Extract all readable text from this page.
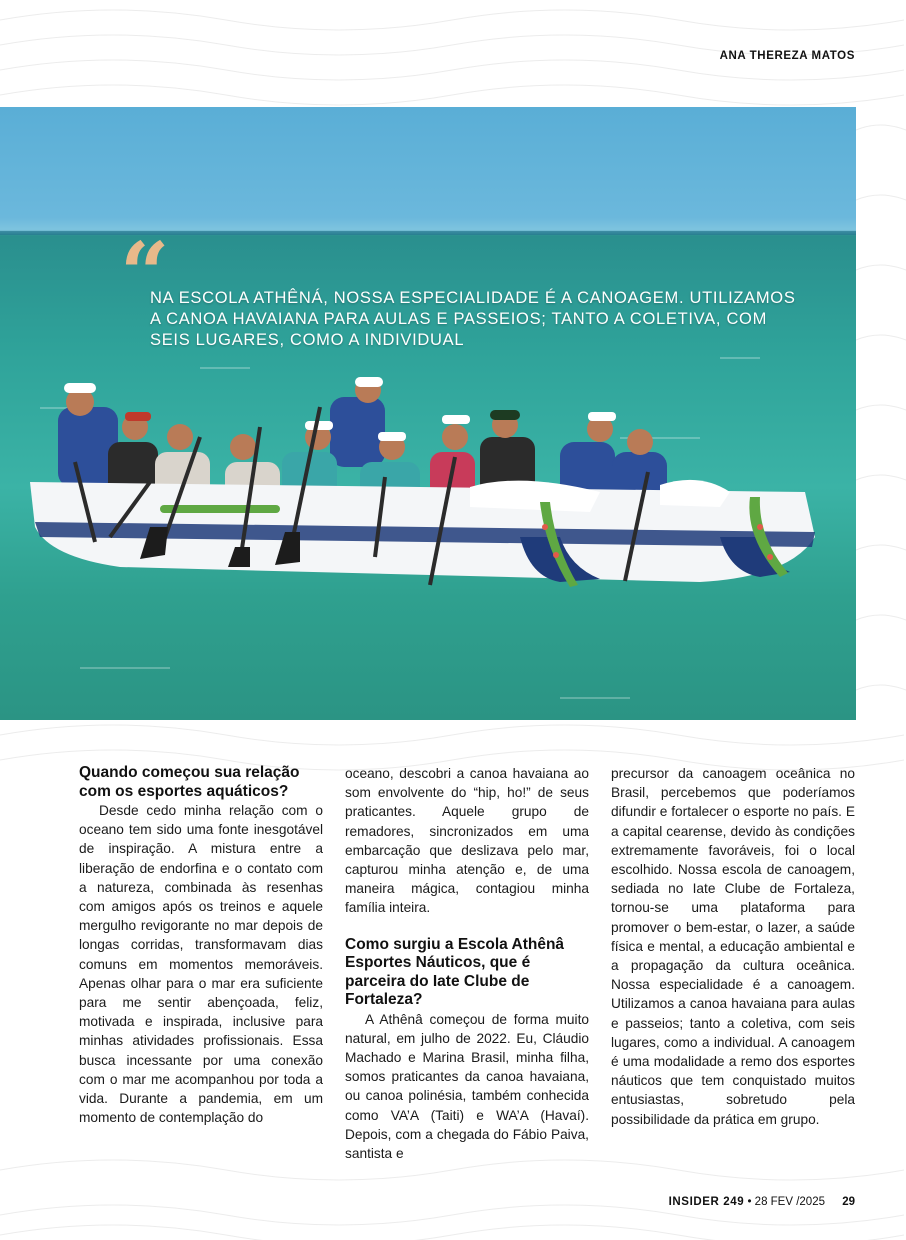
ANA THEREZA MATOS
“

NA ESCOLA ATHÊNÁ, NOSSA ESPECIALIDADE É A CANOAGEM. UTILIZAMOS A CANOA HAVAIANA PARA AULAS E PASSEIOS; TANTO A COLETIVA, COM SEIS LUGARES, COMO A INDIVIDUAL

Quando começou sua relação com os esportes aquáticos?

Desde cedo minha relação com o oceano tem sido uma fonte inesgotável de inspiração. A mistura entre a liberação de endorfina e o contato com a natureza, combinada às resenhas com amigos após os treinos e aquele mergulho revigorante no mar depois de longas corridas, transformavam dias comuns em momentos memoráveis. Apenas olhar para o mar era suficiente para me sentir abençoada, feliz, motivada e inspirada, inclusive para minhas atividades profissionais. Essa busca incessante por uma conexão com o mar me acompanhou por toda a vida. Durante a pandemia, em um momento de contemplação do

oceano, descobri a canoa havaiana ao som envolvente do “hip, ho!” de seus praticantes. Aquele grupo de remadores, sincronizados em uma embarcação que deslizava pelo mar, capturou minha atenção e, de uma maneira mágica, contagiou minha família inteira.

Como surgiu a Escola Athênâ Esportes Náuticos, que é parceira do Iate Clube de Fortaleza?

A Athênâ começou de forma muito natural, em julho de 2022. Eu, Cláudio Machado e Marina Brasil, minha filha, somos praticantes da canoa havaiana, ou canoa polinésia, também conhecida como VA’A (Taiti) e WA’A (Havaí). Depois, com a chegada do Fábio Paiva, santista e

precursor da canoagem oceânica no Brasil, percebemos que poderíamos difundir e fortalecer o esporte no país. E a capital cearense, devido às condições extremamente favoráveis, foi o local escolhido. Nossa escola de canoagem, sediada no Iate Clube de Fortaleza, tornou-se uma plataforma para promover o bem-estar, o lazer, a saúde física e mental, a educação ambiental e a propagação da cultura oceânica. Nossa especialidade é a canoagem. Utilizamos a canoa havaiana para aulas e passeios; tanto a coletiva, com seis lugares, como a individual. A canoagem é uma modalidade a remo dos esportes náuticos que tem conquistado muitos entusiastas, sobretudo pela possibilidade da prática em grupo.

INSIDER 249 • 28 FEV /2025 29
